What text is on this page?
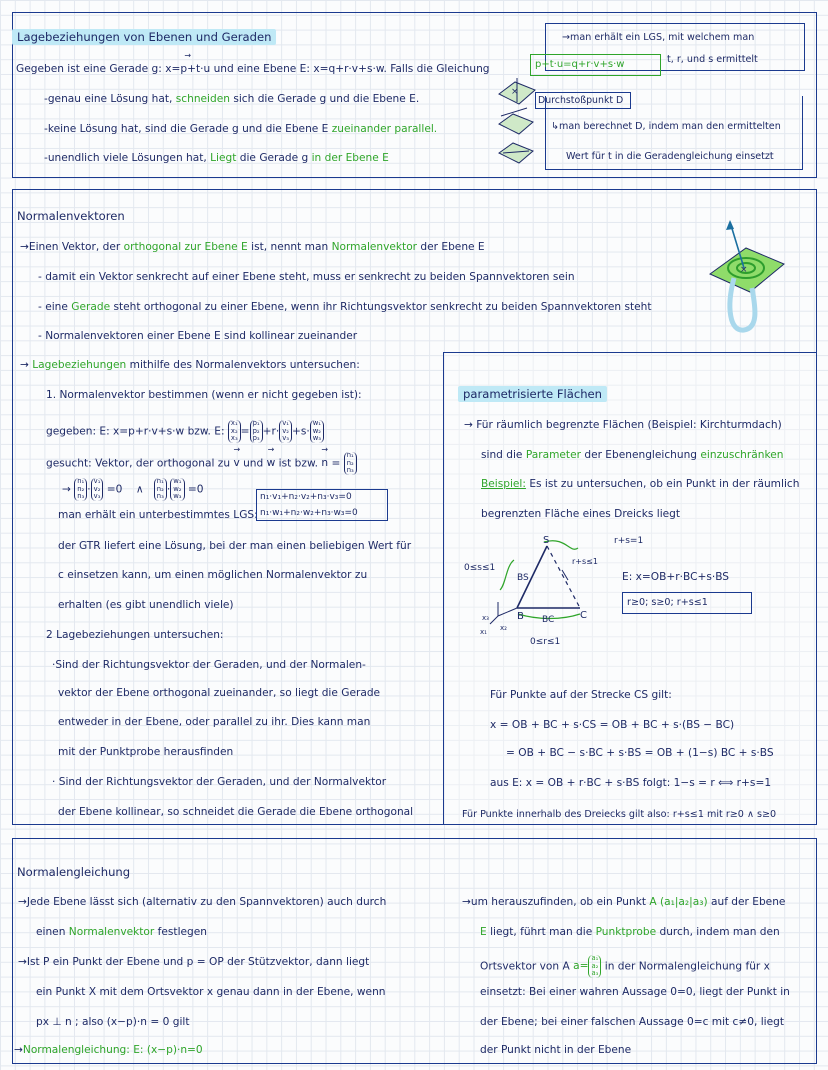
Lagebeziehungen von Ebenen und Geraden
Gegeben ist eine Gerade g: → x=p+t·u und eine Ebene E: x=q+r·v+s·w. Falls die Gleichung
-genau eine Lösung hat, schneiden sich die Gerade g und die Ebene E.
-keine Lösung hat, sind die Gerade g und die Ebene E zueinander parallel.
-unendlich viele Lösungen hat, Liegt die Gerade g in der Ebene E
→man erhält ein LGS, mit welchem man
t, r, und s ermittelt
p+t·u=q+r·v+s·w
Durchstoßpunkt D
↳man berechnet D, indem man den ermittelten
Wert für t in die Geradengleichung einsetzt
×
Normalenvektoren
→Einen Vektor, der orthogonal zur Ebene E ist, nennt man Normalenvektor der Ebene E
- damit ein Vektor senkrecht auf einer Ebene steht, muss er senkrecht zu beiden Spannvektoren sein
- eine Gerade steht orthogonal zu einer Ebene, wenn ihr Richtungsvektor senkrecht zu beiden Spannvektoren steht
- Normalenvektoren einer Ebene E sind kollinear zueinander
→ Lagebeziehungen mithilfe des Normalenvektors untersuchen:
×
1. Normalenvektor bestimmen (wenn er nicht gegeben ist):
gegeben: E: x=p+r·v+s·w bzw. E:
x₁
x₂
x₃
=
p₁
p₂
p₃
+r·
v₁
v₂
v₃
+s·
w₁
w₂
w₃
gesucht: Vektor, der orthogonal zu → v und → w ist bzw. → n =
n₁
n₂
n₃
→
n₁
n₂
n₃
·
v₁
v₂
v₃
=0 ∧
n₁
n₂
n₃
·
w₁
w₂
w₃
=0
man erhält ein unterbestimmtes LGS:
n₁·v₁+n₂·v₂+n₃·v₃=0
n₁·w₁+n₂·w₂+n₃·w₃=0
der GTR liefert eine Lösung, bei der man einen beliebigen Wert für
c einsetzen kann, um einen möglichen Normalenvektor zu
erhalten (es gibt unendlich viele)
2 Lagebeziehungen untersuchen:
·Sind der Richtungsvektor der Geraden, und der Normalen-
vektor der Ebene orthogonal zueinander, so liegt die Gerade
entweder in der Ebene, oder parallel zu ihr. Dies kann man
mit der Punktprobe herausfinden
· Sind der Richtungsvektor der Geraden, und der Normalvektor
der Ebene kollinear, so schneidet die Gerade die Ebene orthogonal
parametrisierte Flächen
→ Für räumlich begrenzte Flächen (Beispiel: Kirchturmdach)
sind die Parameter der Ebenengleichung einzuschränken
Beispiel: Es ist zu untersuchen, ob ein Punkt in der räumlich
begrenzten Fläche eines Dreicks liegt
S
B	C
BS
BC
0≤s≤1
0≤r≤1
r+s≤1
x₃
x₂
x₁
r+s=1
E: x=OB+r·BC+s·BS
r≥0; s≥0; r+s≤1
Für Punkte auf der Strecke CS gilt:
x = OB + BC + s·CS = OB + BC + s·(BS − BC)
= OB + BC − s·BC + s·BS = OB + (1−s) BC + s·BS
aus E: x = OB + r·BC + s·BS folgt: 1−s = r ⟺ r+s=1
Für Punkte innerhalb des Dreiecks gilt also: r+s≤1 mit r≥0 ∧ s≥0
Normalengleichung
→Jede Ebene lässt sich (alternativ zu den Spannvektoren) auch durch
einen Normalenvektor festlegen
→Ist P ein Punkt der Ebene und p = OP der Stützvektor, dann liegt
ein Punkt X mit dem Ortsvektor x genau dann in der Ebene, wenn
px ⊥ n ; also (x−p)·n = 0 gilt
→Normalengleichung: E: (x−p)·n=0
→um herauszufinden, ob ein Punkt A (a₁|a₂|a₃) auf der Ebene
E liegt, führt man die Punktprobe durch, indem man den
Ortsvektor von A a=
a₁
a₂
a₃
in der Normalengleichung für x
einsetzt: Bei einer wahren Aussage 0=0, liegt der Punkt in
der Ebene; bei einer falschen Aussage 0=c mit c≠0, liegt
der Punkt nicht in der Ebene
